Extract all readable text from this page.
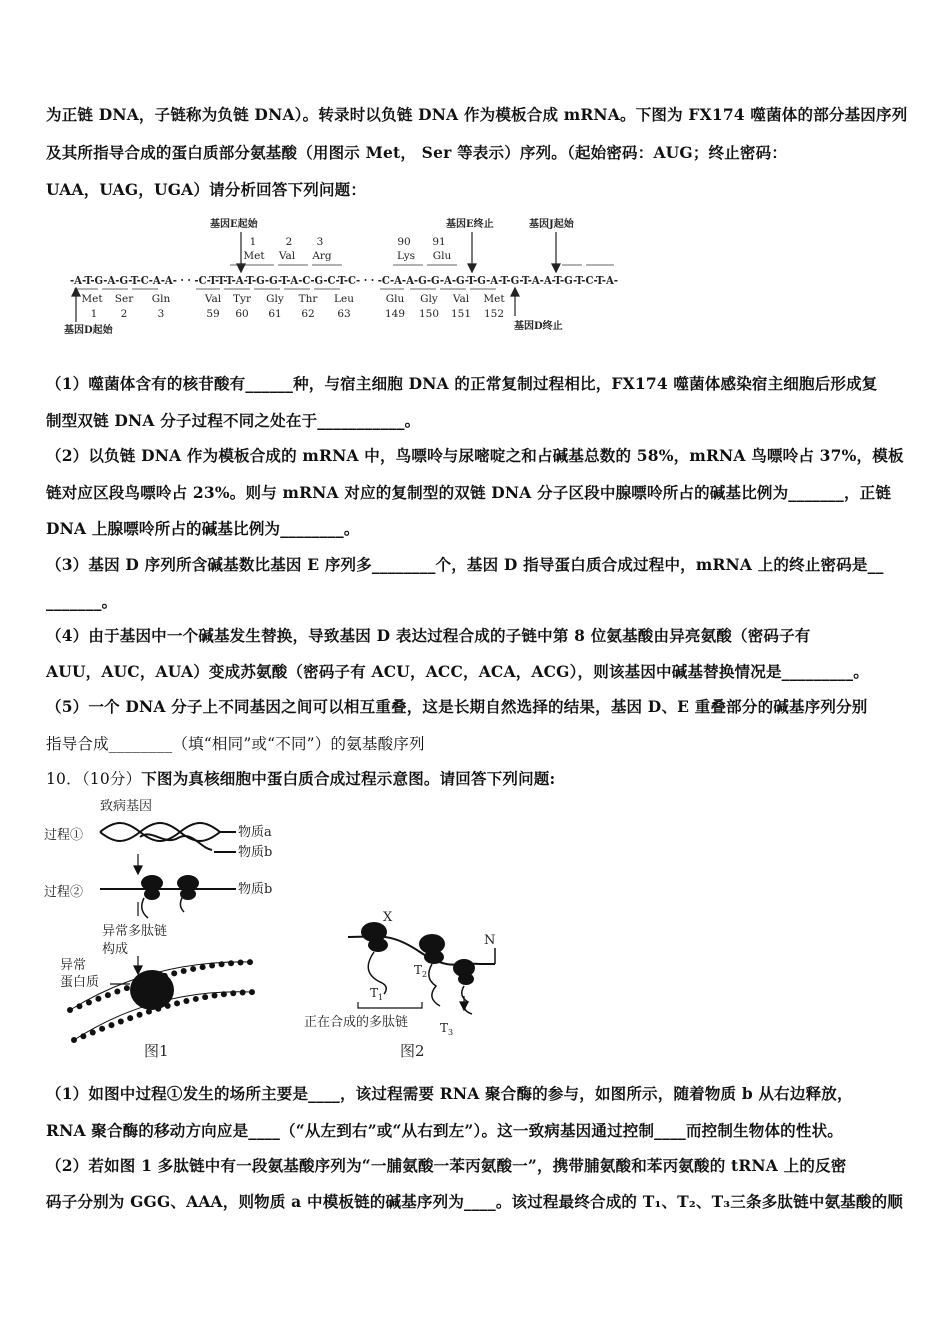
为正链 DNA，子链称为负链 DNA）。转录时以负链 DNA 作为模板合成 mRNA。下图为 FX174 噬菌体的部分基因序列
及其所指导合成的蛋白质部分氨基酸（用图示 Met， Ser 等表示）序列。（起始密码：AUG；终止密码：
UAA，UAG，UGA）请分析回答下列问题：
基因E起始	基因E终止	基因J起始
1	2 3	90 91
Met Val Arg	Lys Glu
-A-T-G-A-G-T-C-A-A- · · -C-T-T-T-A-T-G-G-T-A-C-G-C-T-C- · · -C-A-A-G-G-A-G-T-G-A-T-G-T-A-A-T-G-T-C-T-A-
Met Ser Gln	Val Tyr Gly Thr Leu	Glu Gly Val Met
1 2	3	59 60 61 62 63	149 150 151 152
基因D起始	基因D终止
（1）噬菌体含有的核苷酸有______种，与宿主细胞 DNA 的正常复制过程相比，FX174 噬菌体感染宿主细胞后形成复
制型双链 DNA 分子过程不同之处在于___________。
（2）以负链 DNA 作为模板合成的 mRNA 中，鸟嘌呤与尿嘧啶之和占碱基总数的 58%，mRNA 鸟嘌呤占 37%，模板
链对应区段鸟嘌呤占 23%。则与 mRNA 对应的复制型的双链 DNA 分子区段中腺嘌呤所占的碱基比例为_______，正链
DNA 上腺嘌呤所占的碱基比例为________。
（3）基因 D 序列所含碱基数比基因 E 序列多________个，基因 D 指导蛋白质合成过程中，mRNA 上的终止密码是__
_______。
（4）由于基因中一个碱基发生替换，导致基因 D 表达过程合成的子链中第 8 位氨基酸由异亮氨酸（密码子有
AUU，AUC，AUA）变成苏氨酸（密码子有 ACU，ACC，ACA，ACG），则该基因中碱基替换情况是_________。
（5）一个 DNA 分子上不同基因之间可以相互重叠，这是长期自然选择的结果，基因 D、E 重叠部分的碱基序列分别
指导合成________（填“相同”或“不同”）的氨基酸序列
10．（10分）下图为真核细胞中蛋白质合成过程示意图。请回答下列问题:
致病基因
过程①
过程②
物质a
物质b
物质b
异常多肽链
构成
异常
蛋白质
图1
X
N
$T_1$
$T_2$
$T_3$
正在合成的多肽链
图2
（1）如图中过程①发生的场所主要是____，该过程需要 RNA 聚合酶的参与，如图所示，随着物质 b 从右边释放，
RNA 聚合酶的移动方向应是____（“从左到右”或“从右到左”）。这一致病基因通过控制____而控制生物体的性状。
（2）若如图 1 多肽链中有一段氨基酸序列为“一脯氨酸一苯丙氨酸一”，携带脯氨酸和苯丙氨酸的 tRNA 上的反密
码子分别为 GGG、AAA，则物质 a 中模板链的碱基序列为____。该过程最终合成的 T₁、T₂、T₃三条多肽链中氨基酸的顺
